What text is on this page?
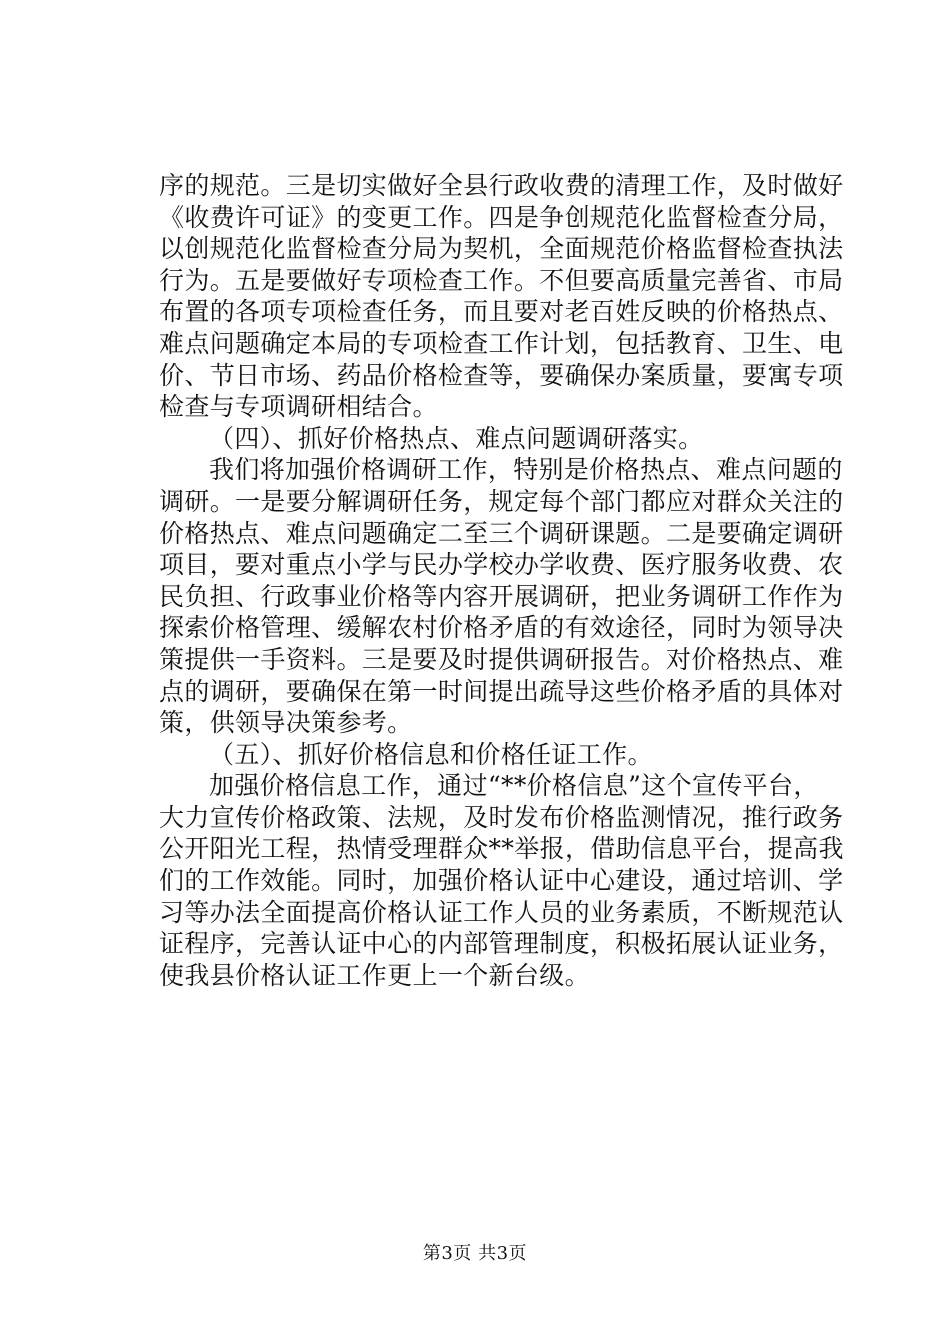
序的规范。三是切实做好全县行政收费的清理工作，及时做好
《收费许可证》的变更工作。四是争创规范化监督检查分局，
以创规范化监督检查分局为契机，全面规范价格监督检查执法
行为。五是要做好专项检查工作。不但要高质量完善省、市局
布置的各项专项检查任务，而且要对老百姓反映的价格热点、
难点问题确定本局的专项检查工作计划，包括教育、卫生、电
价、节日市场、药品价格检查等，要确保办案质量，要寓专项
检查与专项调研相结合。
（四）、抓好价格热点、难点问题调研落实。
我们将加强价格调研工作，特别是价格热点、难点问题的
调研。一是要分解调研任务，规定每个部门都应对群众关注的
价格热点、难点问题确定二至三个调研课题。二是要确定调研
项目，要对重点小学与民办学校办学收费、医疗服务收费、农
民负担、行政事业价格等内容开展调研，把业务调研工作作为
探索价格管理、缓解农村价格矛盾的有效途径，同时为领导决
策提供一手资料。三是要及时提供调研报告。对价格热点、难
点的调研，要确保在第一时间提出疏导这些价格矛盾的具体对
策，供领导决策参考。
（五）、抓好价格信息和价格任证工作。
加强价格信息工作，通过“**价格信息”这个宣传平台，
大力宣传价格政策、法规，及时发布价格监测情况，推行政务
公开阳光工程，热情受理群众**举报，借助信息平台，提高我
们的工作效能。同时，加强价格认证中心建设，通过培训、学
习等办法全面提高价格认证工作人员的业务素质，不断规范认
证程序，完善认证中心的内部管理制度，积极拓展认证业务，
使我县价格认证工作更上一个新台级。
第3页 共3页
